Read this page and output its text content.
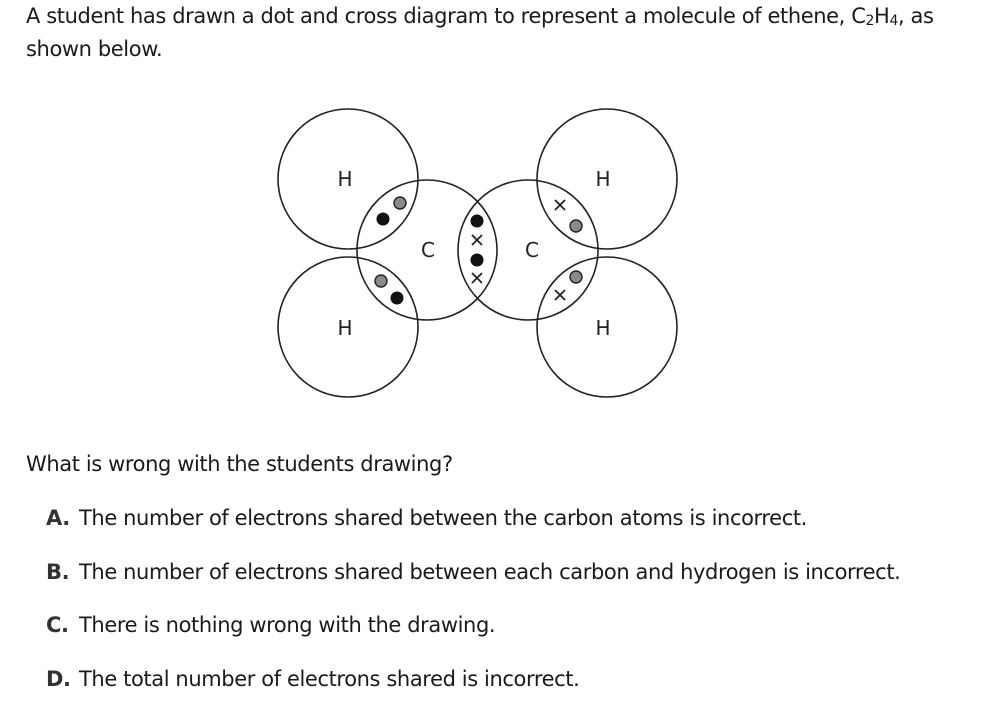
A student has drawn a dot and cross diagram to represent a molecule of ethene, $C_2H_4$, as shown below.
H
H
C	C
H
H
What is wrong with the students drawing?
A. The number of electrons shared between the carbon atoms is incorrect.
B. The number of electrons shared between each carbon and hydrogen is incorrect.
C. There is nothing wrong with the drawing.
D. The total number of electrons shared is incorrect.
